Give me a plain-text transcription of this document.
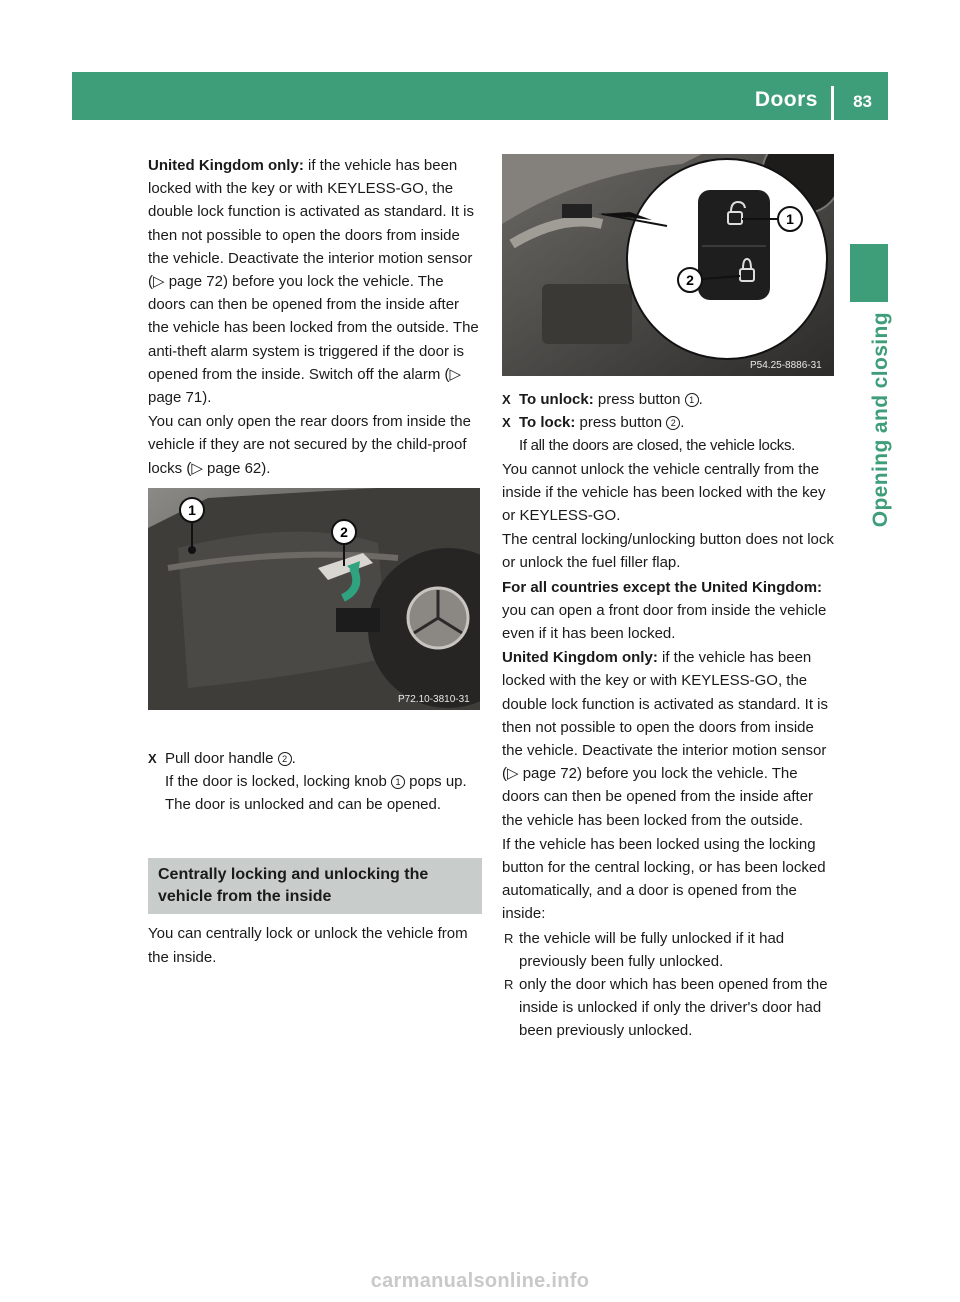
Doors 83
Opening and closing

United Kingdom only: if the vehicle has been locked with the key or with KEYLESS-GO, the double lock function is activated as standard. It is then not possible to open the doors from inside the vehicle. Deactivate the interior motion sensor (▷ page 72) before you lock the vehicle. The doors can then be opened from the inside after the vehicle has been locked from the outside. The anti-theft alarm system is triggered if the door is opened from the inside. Switch off the alarm (▷ page 71).

You can only open the rear doors from inside the vehicle if they are not secured by the child-proof locks (▷ page 62).

X Pull door handle 2 .
If the door is locked, locking knob 1 pops up. The door is unlocked and can be opened.
Centrally locking and unlocking the vehicle from the inside

You can centrally lock or unlock the vehicle from the inside.

1
2
P72.10-3810-31
1
2
P54.25-8886-31
X To unlock: press button 1 .
X To lock: press button 2 .
If all the doors are closed, the vehicle locks.

You cannot unlock the vehicle centrally from the inside if the vehicle has been locked with the key or KEYLESS-GO.

The central locking/unlocking button does not lock or unlock the fuel filler flap.

For all countries except the United Kingdom: you can open a front door from inside the vehicle even if it has been locked.

United Kingdom only: if the vehicle has been locked with the key or with KEYLESS-GO, the double lock function is activated as standard. It is then not possible to open the doors from inside the vehicle. Deactivate the interior motion sensor (▷ page 72) before you lock the vehicle. The doors can then be opened from the inside after the vehicle has been locked from the outside.

If the vehicle has been locked using the locking button for the central locking, or has been locked automatically, and a door is opened from the inside:

R the vehicle will be fully unlocked if it had previously been fully unlocked.
R only the door which has been opened from the inside is unlocked if only the driver's door had been previously unlocked.
carmanualsonline.info
